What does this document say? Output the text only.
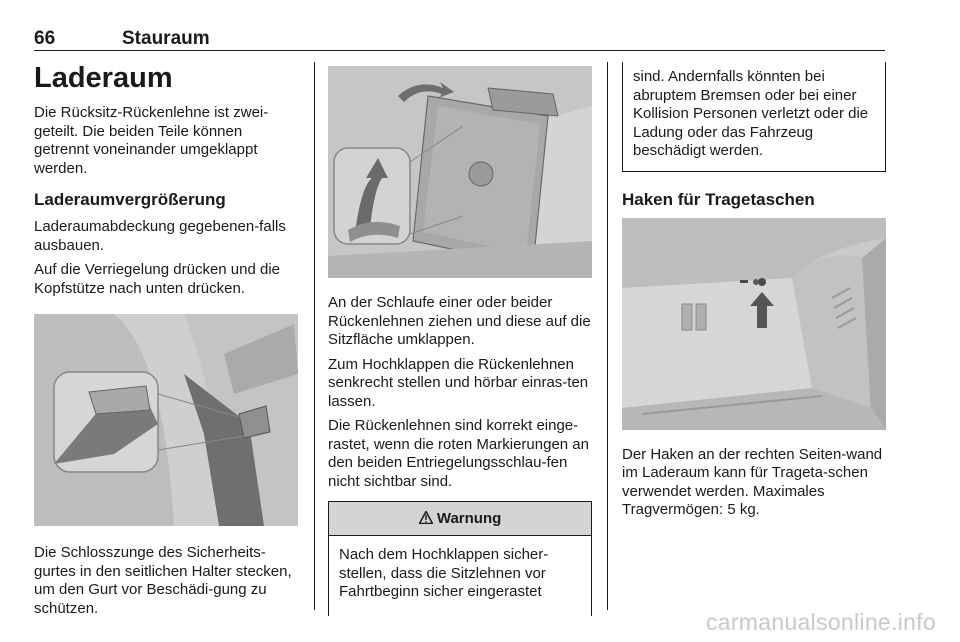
66	Stauraum
Laderaum

Die Rücksitz-Rückenlehne ist zwei-geteilt. Die beiden Teile können getrennt voneinander umgeklappt werden.

Laderaumvergrößerung

Laderaumabdeckung gegebenen-falls ausbauen.

Auf die Verriegelung drücken und die Kopfstütze nach unten drücken.

Die Schlosszunge des Sicherheits-gurtes in den seitlichen Halter stecken, um den Gurt vor Beschädi-gung zu schützen.

An der Schlaufe einer oder beider Rückenlehnen ziehen und diese auf die Sitzfläche umklappen.

Zum Hochklappen die Rückenlehnen senkrecht stellen und hörbar einras-ten lassen.

Die Rückenlehnen sind korrekt einge-rastet, wenn die roten Markierungen an den beiden Entriegelungsschlau-fen nicht sichtbar sind.

Warnung

Nach dem Hochklappen sicher-stellen, dass die Sitzlehnen vor Fahrtbeginn sicher eingerastet

sind. Andernfalls könnten bei abruptem Bremsen oder bei einer Kollision Personen verletzt oder die Ladung oder das Fahrzeug beschädigt werden.

Haken für Tragetaschen

Der Haken an der rechten Seiten-wand im Laderaum kann für Trageta-schen verwendet werden. Maximales Tragvermögen: 5 kg.

carmanualsonline.info
